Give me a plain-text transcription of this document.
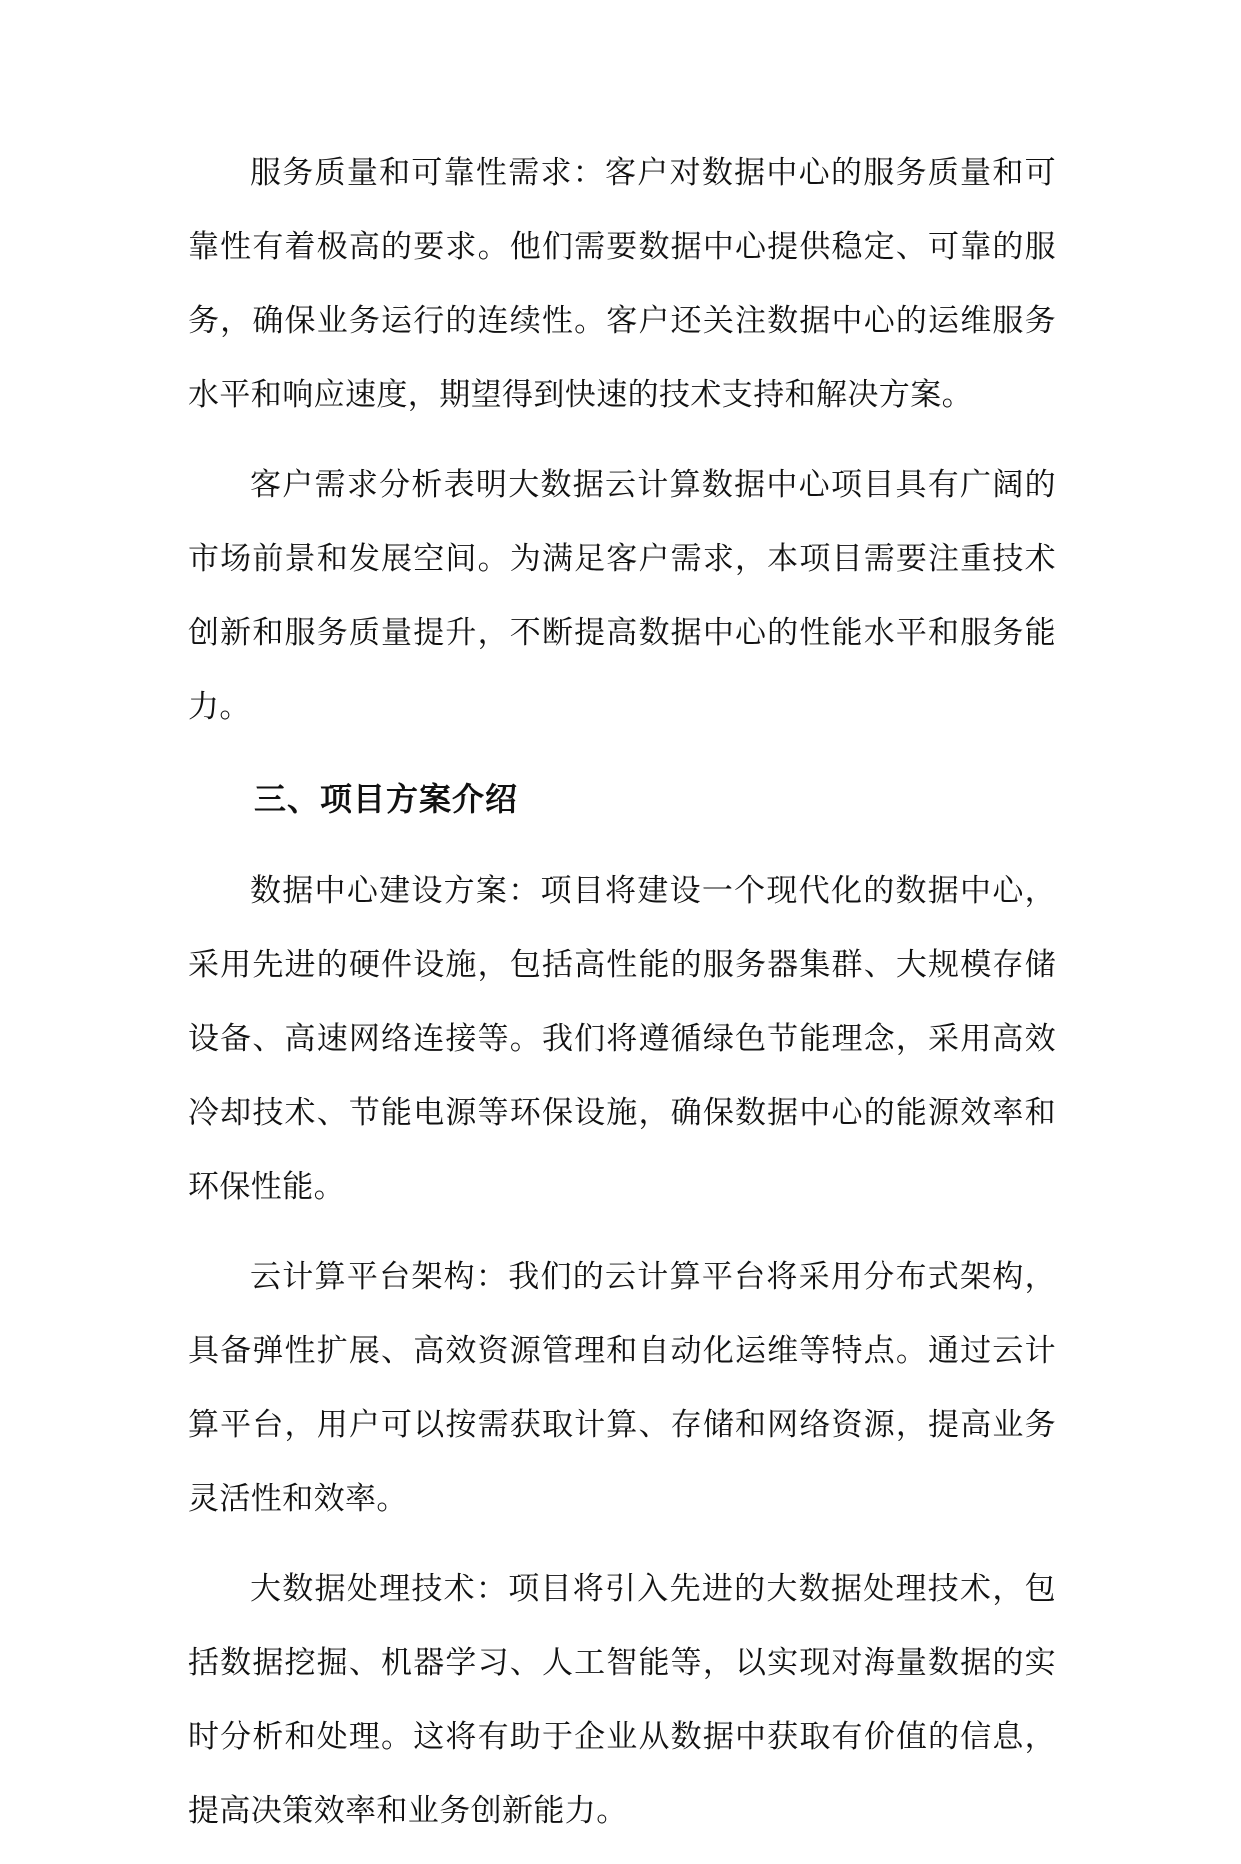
服务质量和可靠性需求：客户对数据中心的服务质量和可靠性有着极高的要求。他们需要数据中心提供稳定、可靠的服务，确保业务运行的连续性。客户还关注数据中心的运维服务水平和响应速度，期望得到快速的技术支持和解决方案。

客户需求分析表明大数据云计算数据中心项目具有广阔的市场前景和发展空间。为满足客户需求，本项目需要注重技术创新和服务质量提升，不断提高数据中心的性能水平和服务能力。

三、项目方案介绍

数据中心建设方案：项目将建设一个现代化的数据中心，采用先进的硬件设施，包括高性能的服务器集群、大规模存储设备、高速网络连接等。我们将遵循绿色节能理念，采用高效冷却技术、节能电源等环保设施，确保数据中心的能源效率和环保性能。

云计算平台架构：我们的云计算平台将采用分布式架构，具备弹性扩展、高效资源管理和自动化运维等特点。通过云计算平台，用户可以按需获取计算、存储和网络资源，提高业务灵活性和效率。

大数据处理技术：项目将引入先进的大数据处理技术，包括数据挖掘、机器学习、人工智能等，以实现对海量数据的实时分析和处理。这将有助于企业从数据中获取有价值的信息，提高决策效率和业务创新能力。
